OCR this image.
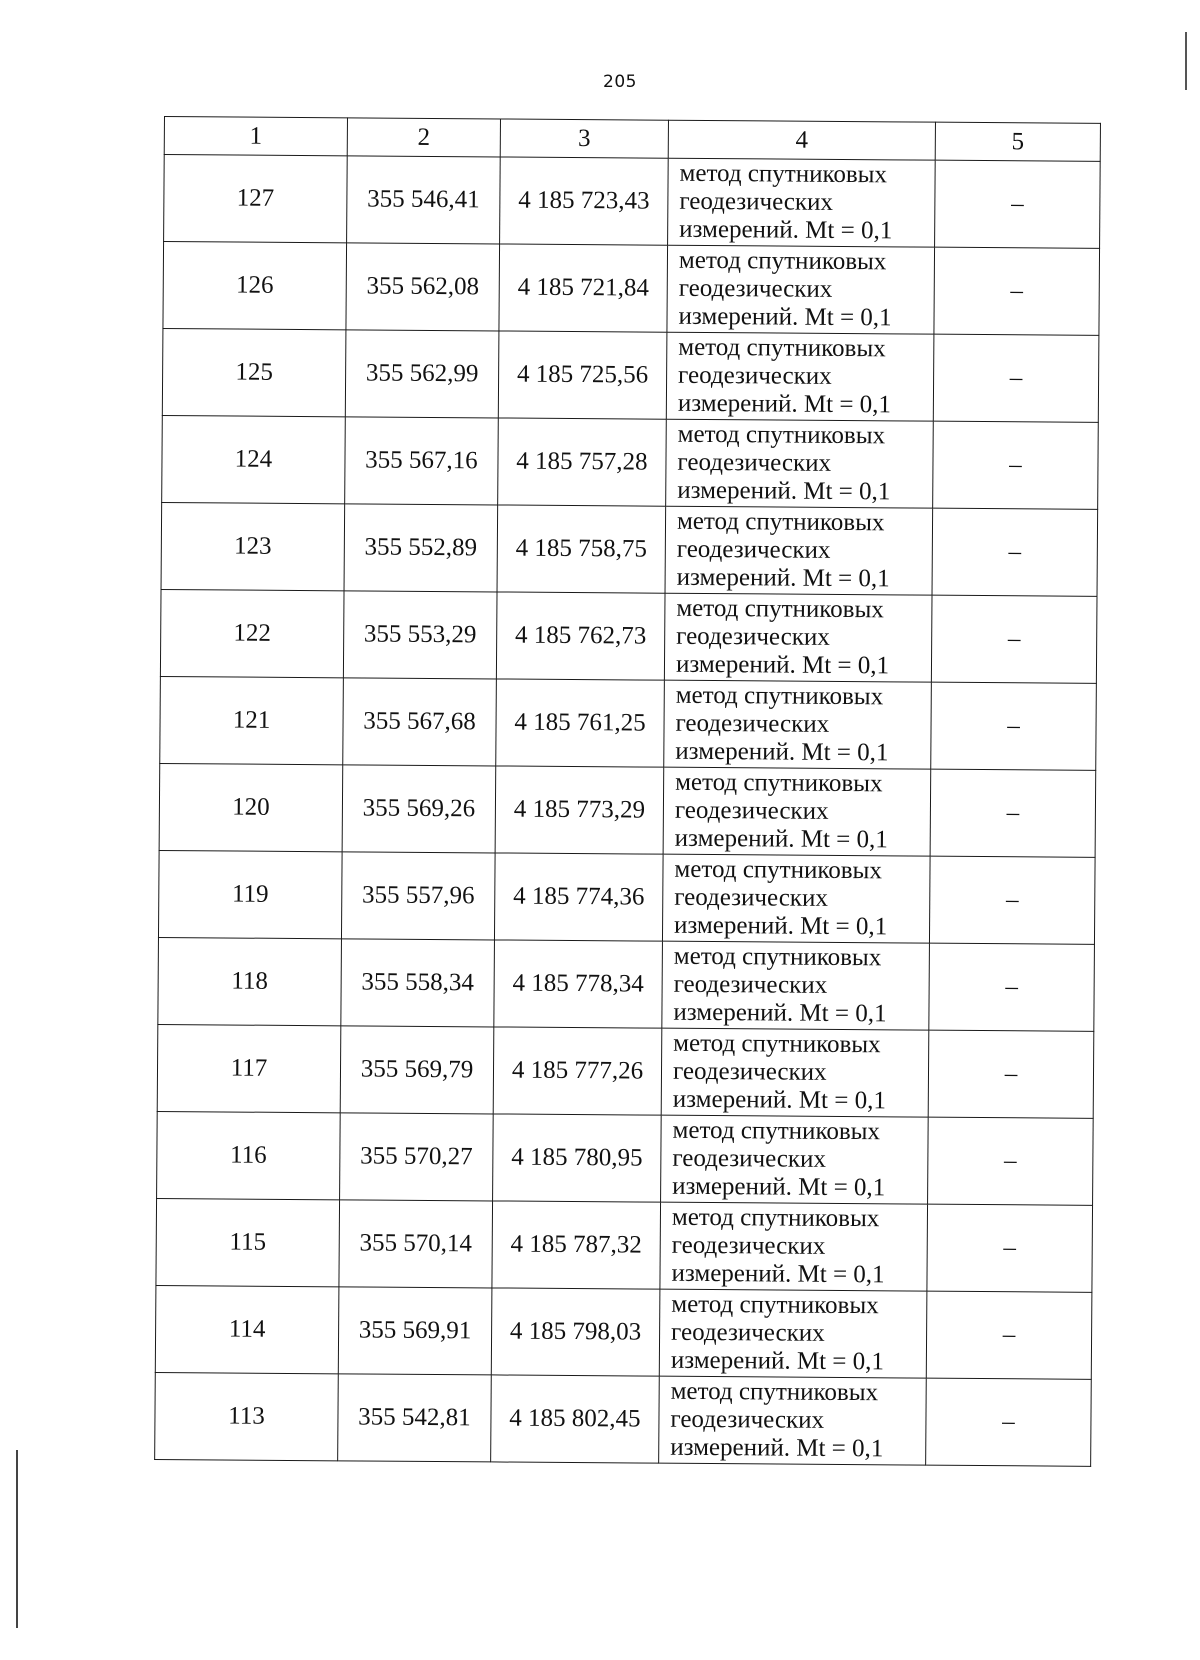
205
1	2	3	4	5
127	355 546,41	4 185 723,43	метод спутниковых
геодезических
измерений. Mt = 0,1	–
126	355 562,08	4 185 721,84	метод спутниковых
геодезических
измерений. Mt = 0,1	–
125	355 562,99	4 185 725,56	метод спутниковых
геодезических
измерений. Mt = 0,1	–
124	355 567,16	4 185 757,28	метод спутниковых
геодезических
измерений. Mt = 0,1	–
123	355 552,89	4 185 758,75	метод спутниковых
геодезических
измерений. Mt = 0,1	–
122	355 553,29	4 185 762,73	метод спутниковых
геодезических
измерений. Mt = 0,1	–
121	355 567,68	4 185 761,25	метод спутниковых
геодезических
измерений. Mt = 0,1	–
120	355 569,26	4 185 773,29	метод спутниковых
геодезических
измерений. Mt = 0,1	–
119	355 557,96	4 185 774,36	метод спутниковых
геодезических
измерений. Mt = 0,1	–
118	355 558,34	4 185 778,34	метод спутниковых
геодезических
измерений. Mt = 0,1	–
117	355 569,79	4 185 777,26	метод спутниковых
геодезических
измерений. Mt = 0,1	–
116	355 570,27	4 185 780,95	метод спутниковых
геодезических
измерений. Mt = 0,1	–
115	355 570,14	4 185 787,32	метод спутниковых
геодезических
измерений. Mt = 0,1	–
114	355 569,91	4 185 798,03	метод спутниковых
геодезических
измерений. Mt = 0,1	–
113	355 542,81	4 185 802,45	метод спутниковых
геодезических
измерений. Mt = 0,1	–
